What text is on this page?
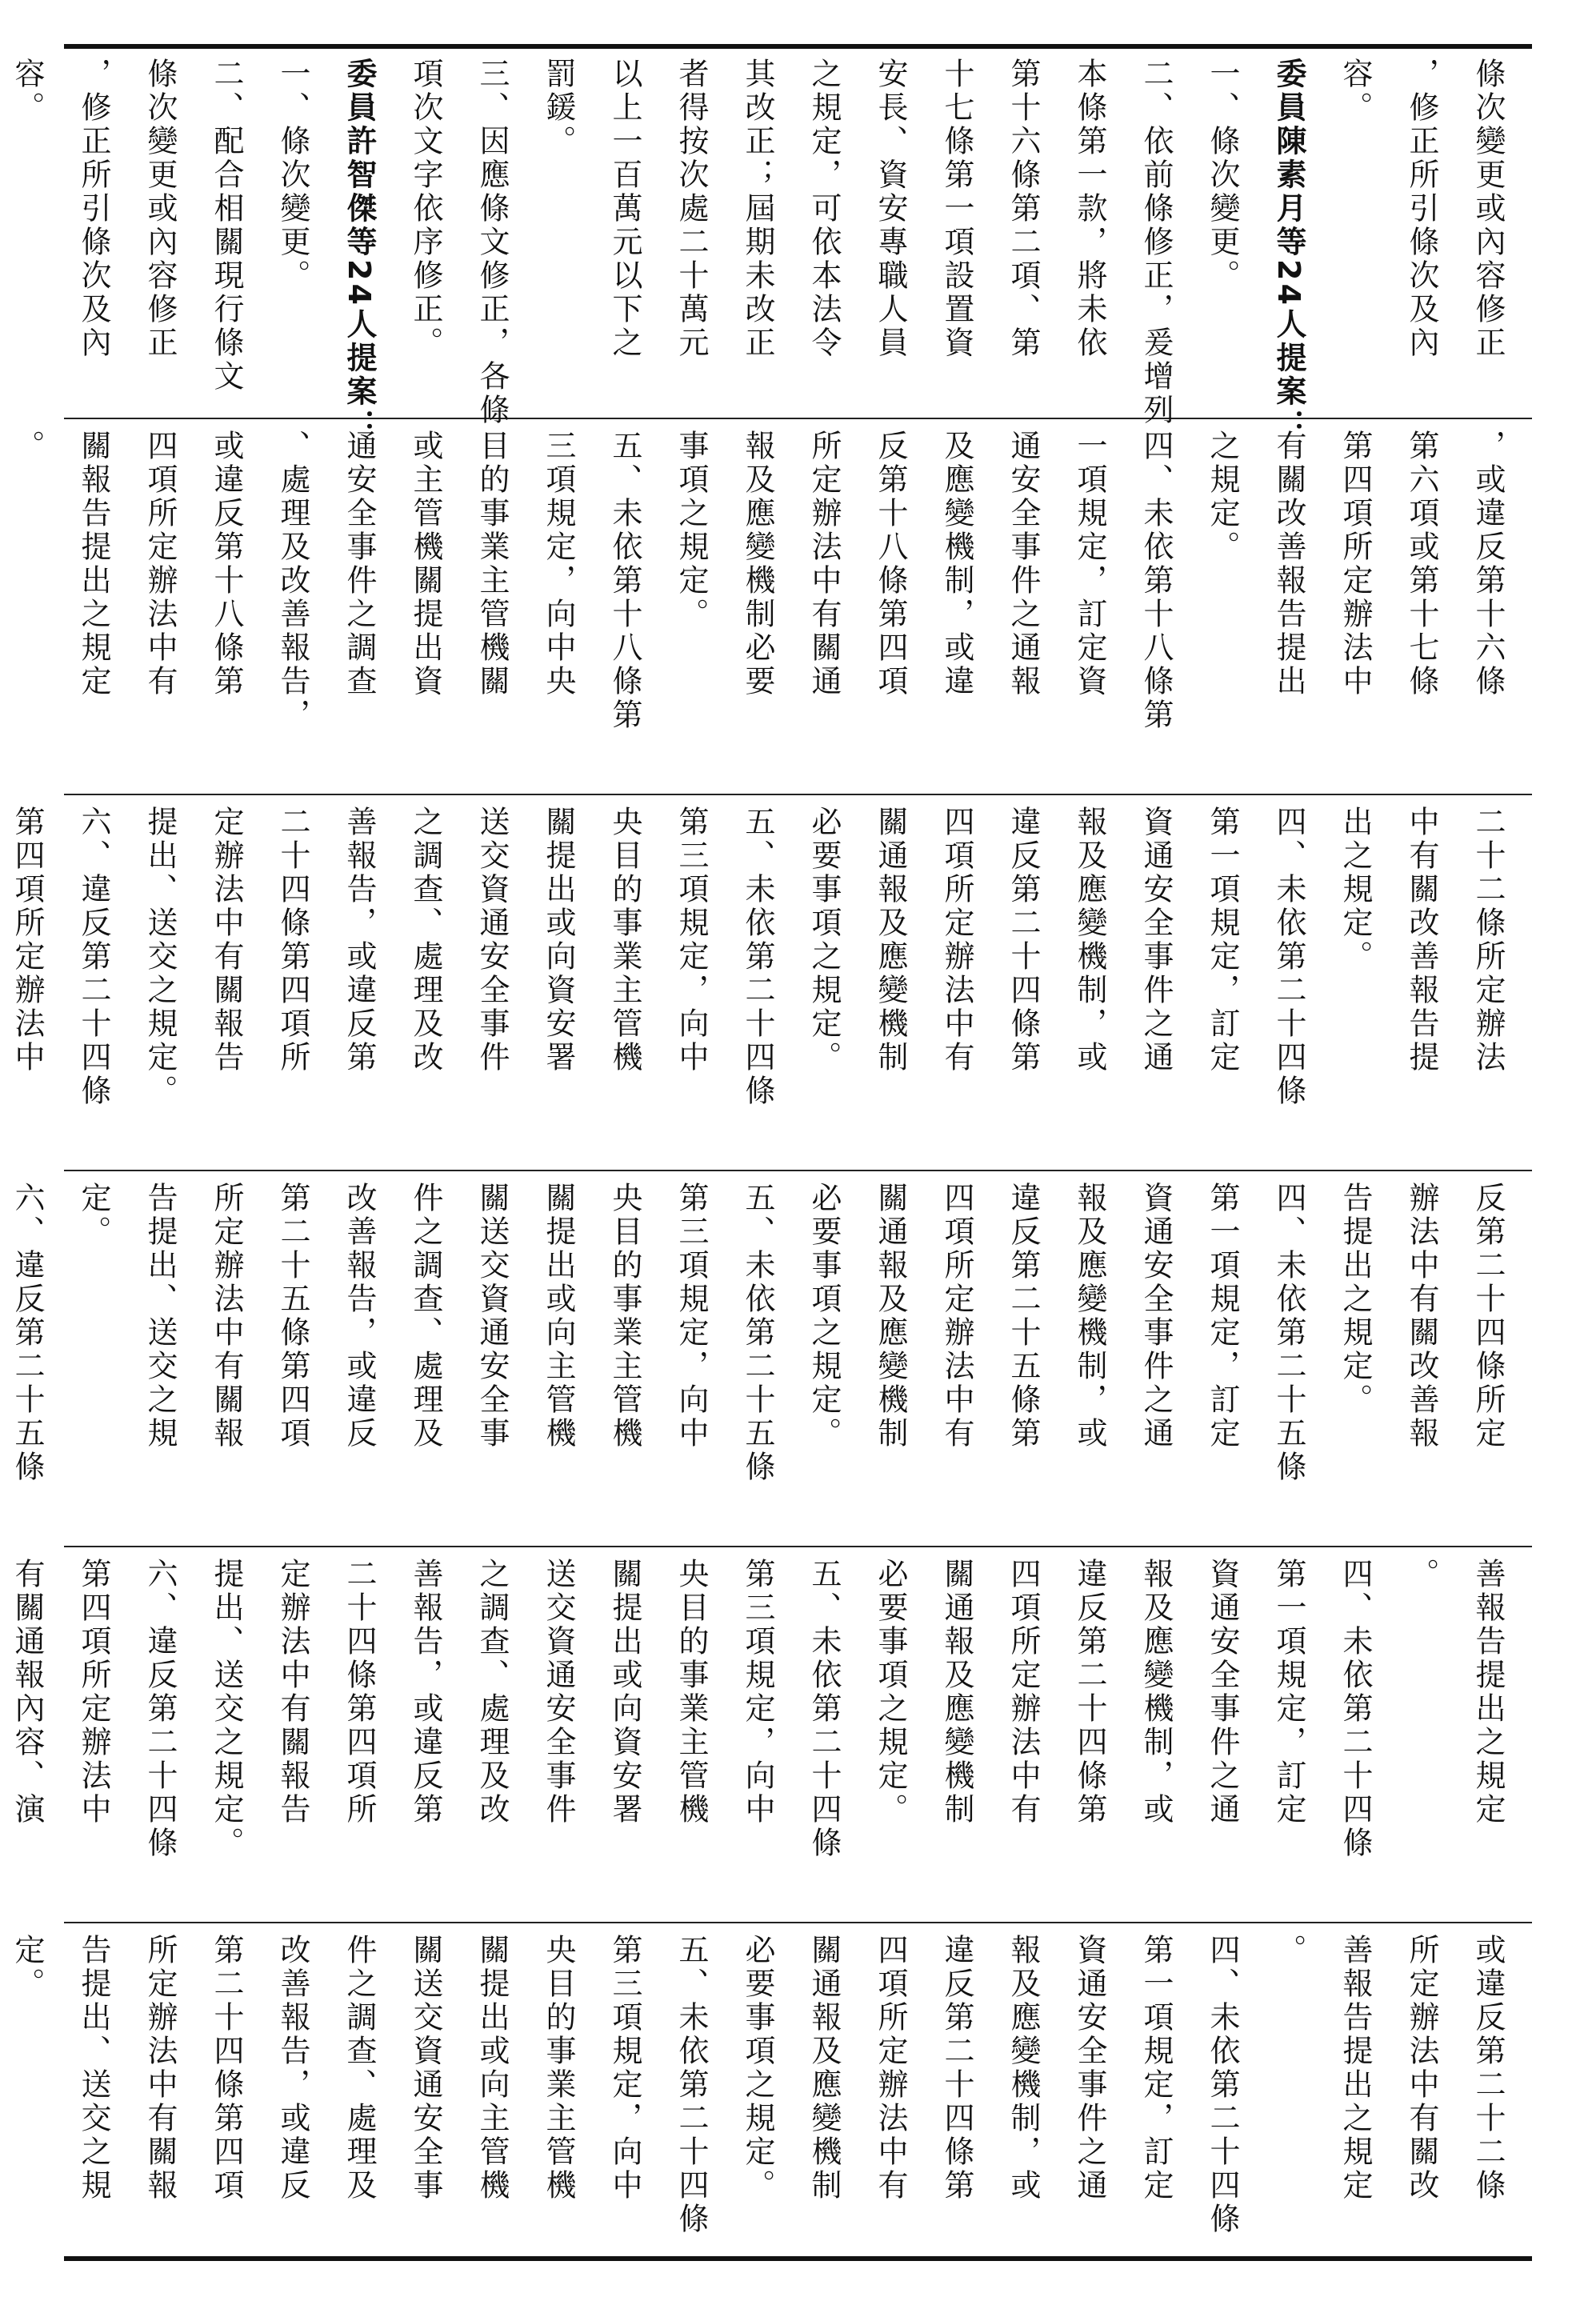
條次變更或內容修正
，修正所引條次及內
容。
委員陳素月等24人提案：
一、條次變更。
二、依前條修正，爰增列
本條第一款，將未依
第十六條第二項、第
十七條第一項設置資
安長、資安專職人員
之規定，可依本法令
其改正；屆期未改正
者得按次處二十萬元
以上一百萬元以下之
罰鍰。
三、因應條文修正，各條
項次文字依序修正。
委員許智傑等24人提案：
一、條次變更。
二、配合相關現行條文
條次變更或內容修正
，修正所引條次及內
容。
，或違反第十六條
第六項或第十七條
第四項所定辦法中
有關改善報告提出
之規定。
四、未依第十八條第
一項規定，訂定資
通安全事件之通報
及應變機制，或違
反第十八條第四項
所定辦法中有關通
報及應變機制必要
事項之規定。
五、未依第十八條第
三項規定，向中央
目的事業主管機關
或主管機關提出資
通安全事件之調查
、處理及改善報告，
或違反第十八條第
四項所定辦法中有
關報告提出之規定
。
二十二條所定辦法
中有關改善報告提
出之規定。
四、未依第二十四條
第一項規定，訂定
資通安全事件之通
報及應變機制，或
違反第二十四條第
四項所定辦法中有
關通報及應變機制
必要事項之規定。
五、未依第二十四條
第三項規定，向中
央目的事業主管機
關提出或向資安署
送交資通安全事件
之調查、處理及改
善報告，或違反第
二十四條第四項所
定辦法中有關報告
提出、送交之規定。
六、違反第二十四條
第四項所定辦法中
反第二十四條所定
辦法中有關改善報
告提出之規定。
四、未依第二十五條
第一項規定，訂定
資通安全事件之通
報及應變機制，或
違反第二十五條第
四項所定辦法中有
關通報及應變機制
必要事項之規定。
五、未依第二十五條
第三項規定，向中
央目的事業主管機
關提出或向主管機
關送交資通安全事
件之調查、處理及
改善報告，或違反
第二十五條第四項
所定辦法中有關報
告提出、送交之規
定。
六、違反第二十五條
善報告提出之規定
。
四、未依第二十四條
第一項規定，訂定
資通安全事件之通
報及應變機制，或
違反第二十四條第
四項所定辦法中有
關通報及應變機制
必要事項之規定。
五、未依第二十四條
第三項規定，向中
央目的事業主管機
關提出或向資安署
送交資通安全事件
之調查、處理及改
善報告，或違反第
二十四條第四項所
定辦法中有關報告
提出、送交之規定。
六、違反第二十四條
第四項所定辦法中
有關通報內容、演
或違反第二十二條
所定辦法中有關改
善報告提出之規定
。
四、未依第二十四條
第一項規定，訂定
資通安全事件之通
報及應變機制，或
違反第二十四條第
四項所定辦法中有
關通報及應變機制
必要事項之規定。
五、未依第二十四條
第三項規定，向中
央目的事業主管機
關提出或向主管機
關送交資通安全事
件之調查、處理及
改善報告，或違反
第二十四條第四項
所定辦法中有關報
告提出、送交之規
定。
